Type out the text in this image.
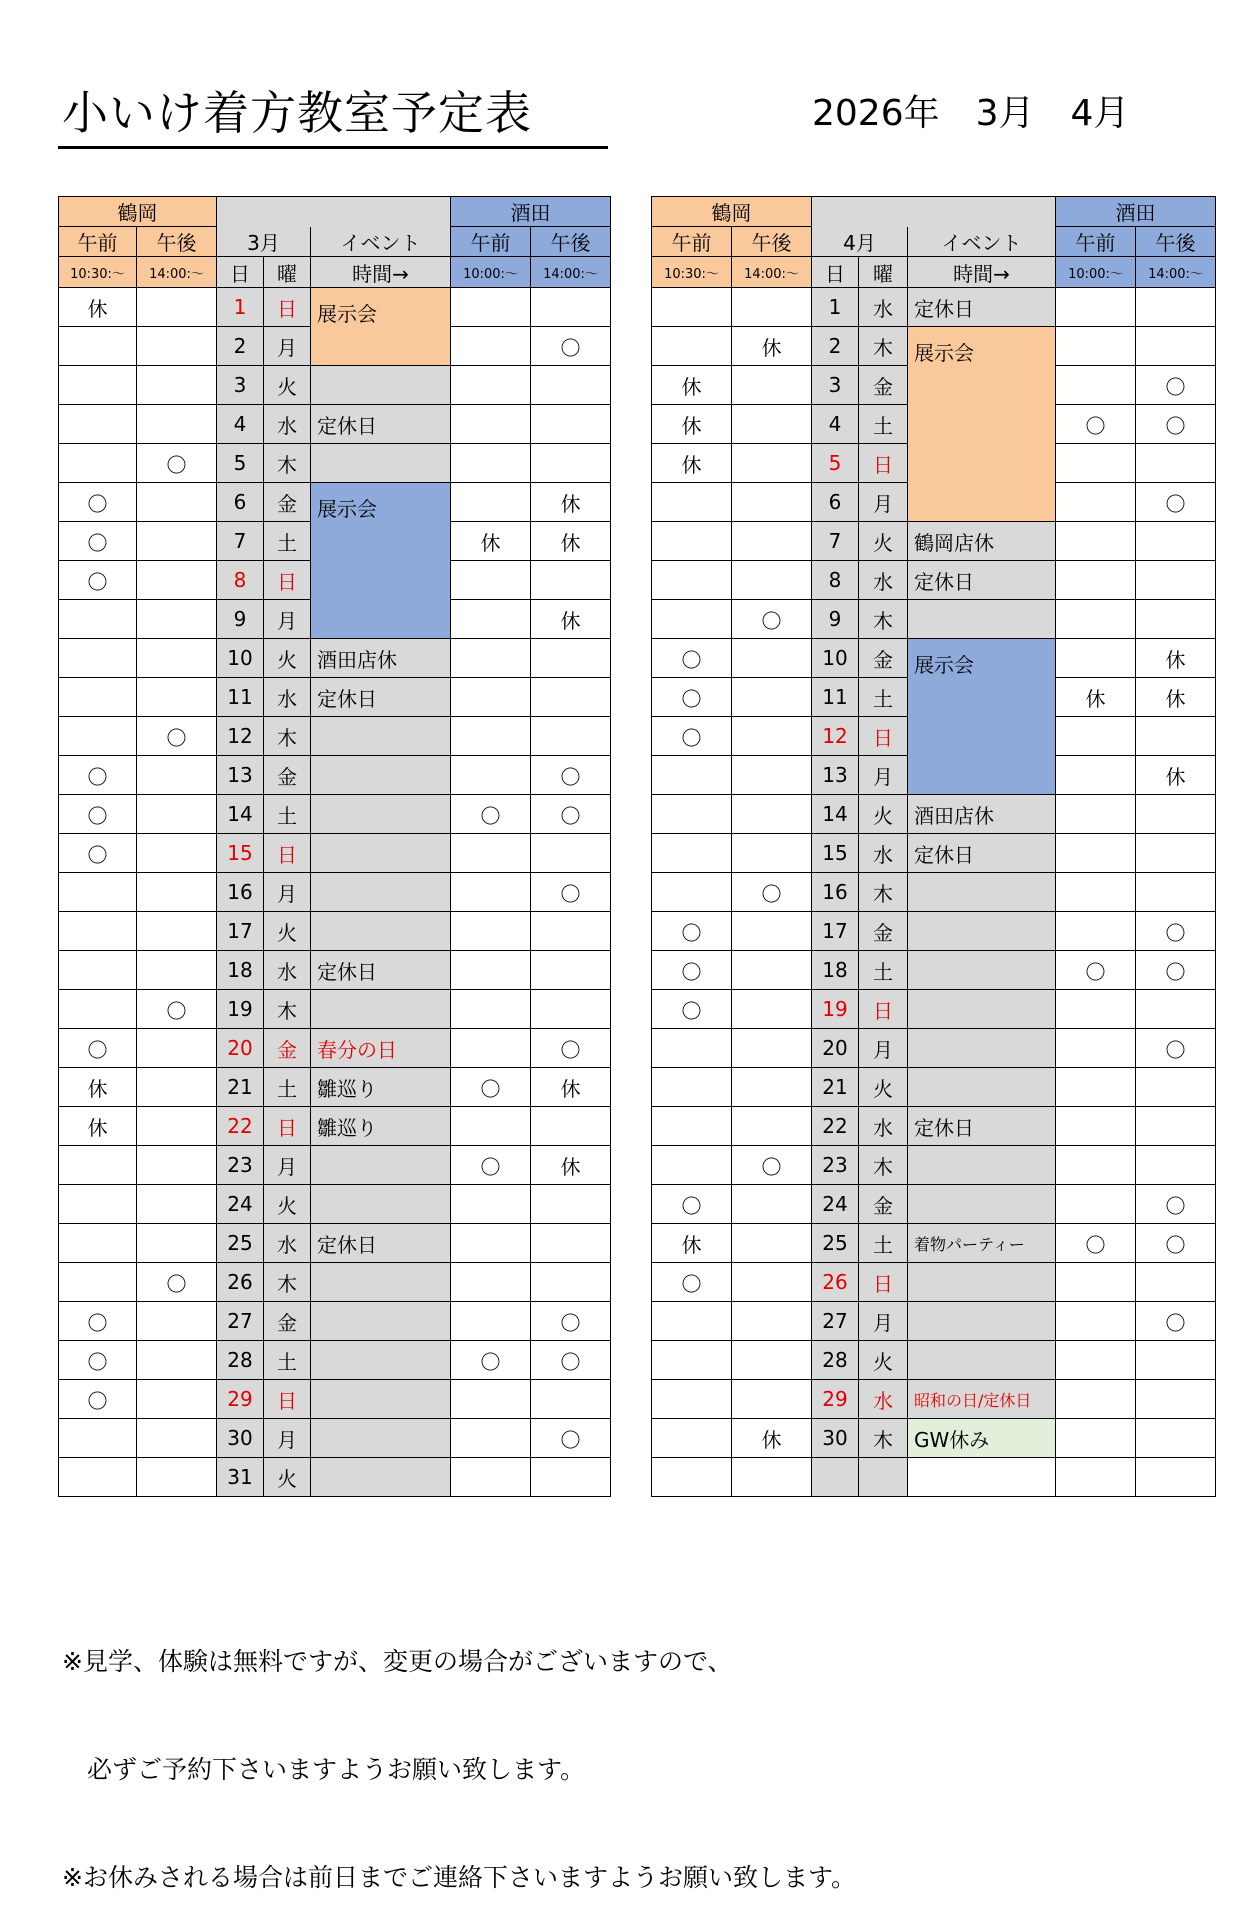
小いけ着方教室予定表	2026年　3月　4月
鶴岡					酒田	
午前	午後	3月		イベント	午前	午後
10:30:～	14:00:～	日	曜	時間→	10:00:～	14:00:～
休		1	日	展示会		
		2	月			〇
		3	火			
		4	水	定休日		
	〇	5	木			
〇		6	金	展示会		休
〇		7	土		休	休
〇		8	日			
		9	月			休
		10	火	酒田店休		
		11	水	定休日		
	〇	12	木			
〇		13	金			〇
〇		14	土		〇	〇
〇		15	日			
		16	月			〇
		17	火			
		18	水	定休日		
	〇	19	木			
〇		20	金	春分の日		〇
休		21	土	雛巡り	〇	休
休		22	日	雛巡り		
		23	月		〇	休
		24	火			
		25	水	定休日		
	〇	26	木			
〇		27	金			〇
〇		28	土		〇	〇
〇		29	日			
		30	月			〇
		31	火			
鶴岡					酒田	
午前	午後	4月		イベント	午前	午後
10:30:～	14:00:～	日	曜	時間→	10:00:～	14:00:～
		1	水	定休日		
	休	2	木	展示会		
休		3	金			〇
休		4	土		〇	〇
休		5	日			
		6	月			〇
		7	火	鶴岡店休		
		8	水	定休日		
	〇	9	木			
〇		10	金	展示会		休
〇		11	土		休	休
〇		12	日			
		13	月			休
		14	火	酒田店休		
		15	水	定休日		
	〇	16	木			
〇		17	金			〇
〇		18	土		〇	〇
〇		19	日			
		20	月			〇
		21	火			
		22	水	定休日		
	〇	23	木			
〇		24	金			〇
休		25	土	着物パーティー	〇	〇
〇		26	日			
		27	月			〇
		28	火			
		29	水	昭和の日/定休日		
	休	30	木	GW休み		

※見学、体験は無料ですが、変更の場合がございますので、

　必ずご予約下さいますようお願い致します。

※お休みされる場合は前日までご連絡下さいますようお願い致します。
